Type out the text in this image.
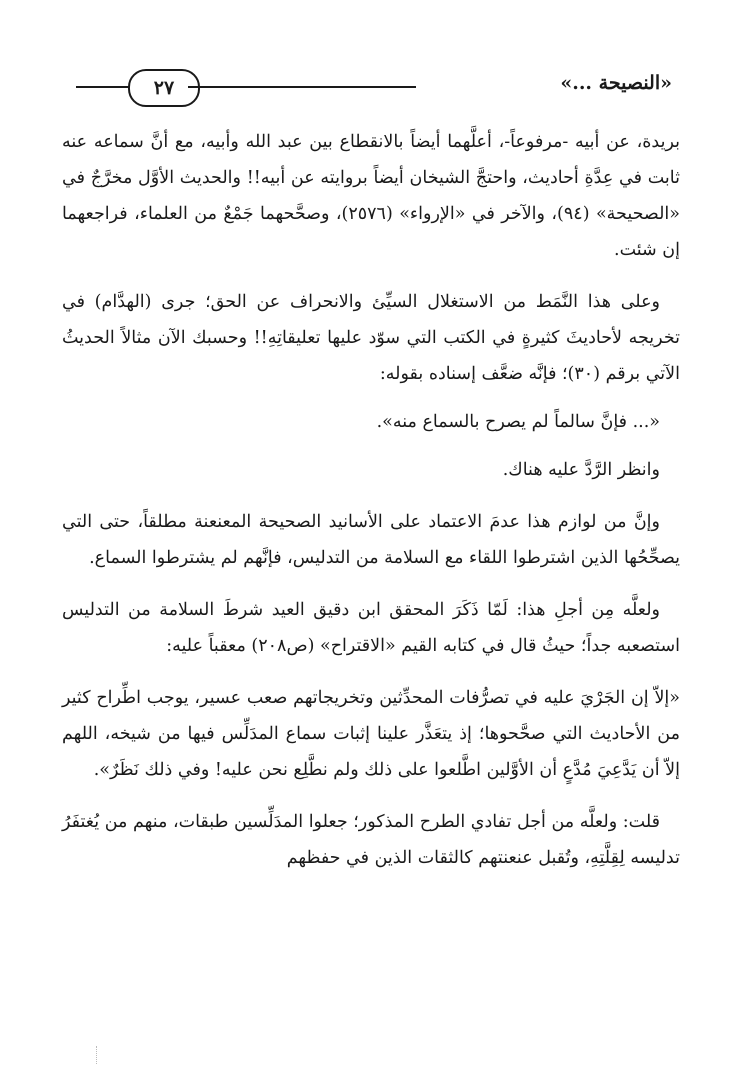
٢٧	«النصيحة ...»

بريدة، عن أبيه -مرفوعاً-، أعلَّهما أيضاً بالانقطاع بين عبد الله وأبيه، مع أنَّ سماعه عنه ثابت في عِدَّةِ أحاديث، واحتجَّ الشيخان أيضاً بروايته عن أبيه!! والحديث الأوَّل مخرَّجٌ في «الصحيحة» (٩٤)، والآخر في «الإرواء» (٢٥٧٦)، وصحَّحهما جَمْعٌ من العلماء، فراجعهما إن شئت.

وعلى هذا النَّمَط من الاستغلال السيِّئ والانحراف عن الحق؛ جرى (الهدَّام) في تخريجه لأحاديثَ كثيرةٍ في الكتب التي سوّد عليها تعليقاتِهِ!! وحسبك الآن مثالاً الحديثُ الآتي برقم (٣٠)؛ فإنَّه ضعَّف إسناده بقوله:

«... فإنَّ سالماً لم يصرح بالسماع منه».

وانظر الرَّدَّ عليه هناك.

وإنَّ من لوازم هذا عدمَ الاعتماد على الأسانيد الصحيحة المعنعنة مطلقاً، حتى التي يصحِّحُها الذين اشترطوا اللقاء مع السلامة من التدليس، فإنَّهم لم يشترطوا السماع.

ولعلَّه مِن أجلِ هذا: لَمّا ذَكَرَ المحقق ابن دقيق العيد شرطَ السلامة من التدليس استصعبه جداً؛ حيثُ قال في كتابه القيم «الاقتراح» (ص٢٠٨) معقباً عليه:

«إلاّ إن الجَرْيَ عليه في تصرُّفات المحدِّثين وتخريجاتهم صعب عسير، يوجب اطِّراح كثير من الأحاديث التي صحَّحوها؛ إذ يتعَذَّر علينا إثبات سماع المدَلِّس فيها من شيخه، اللهم إلاّ أن يَدَّعِيَ مُدَّعٍ أن الأوَّلين اطَّلعوا على ذلك ولم نطَّلِع نحن عليه! وفي ذلك نَظَرٌ».

قلت: ولعلَّه من أجل تفادي الطرح المذكور؛ جعلوا المدَلِّسين طبقات، منهم من يُغتفَرُ تدليسه لِقِلَّتِهِ، وتُقبل عنعنتهم كالثقات الذين في حفظهم
